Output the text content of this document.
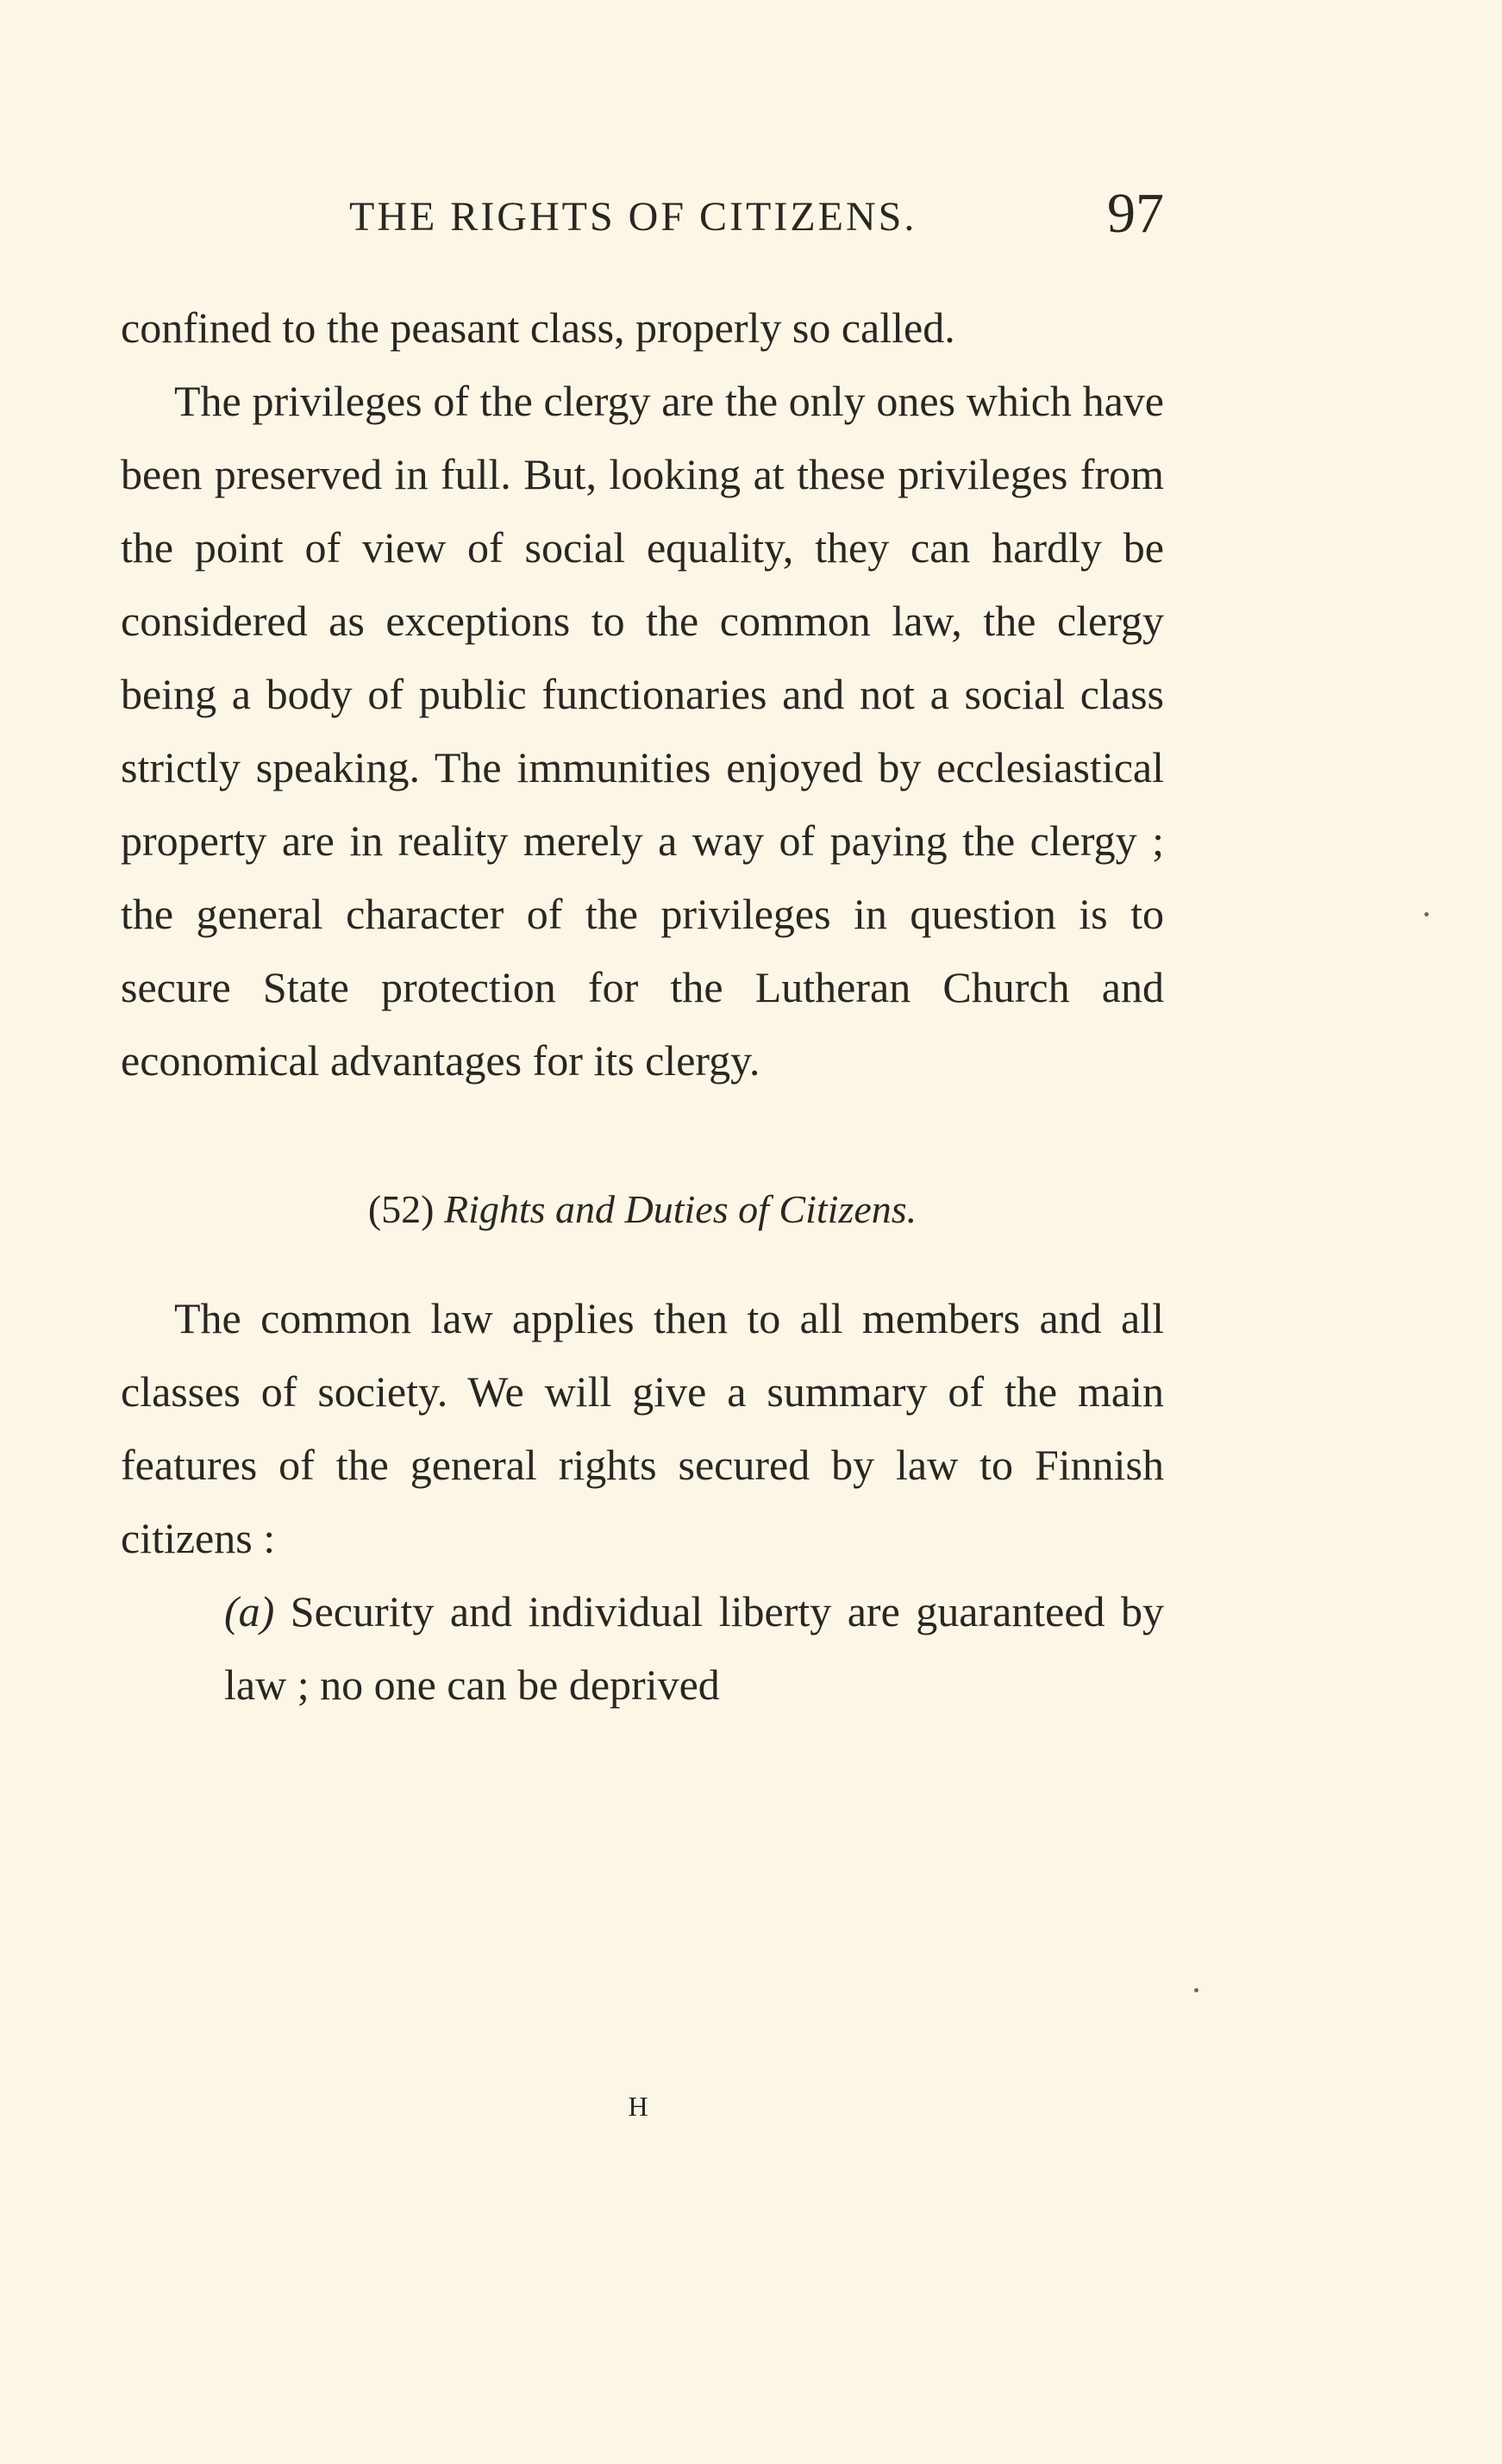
THE RIGHTS OF CITIZENS.	97

confined to the peasant class, properly so called.

The privileges of the clergy are the only ones which have been preserved in full. But, looking at these privileges from the point of view of social equality, they can hardly be considered as exceptions to the common law, the clergy being a body of public functionaries and not a social class strictly speaking. The immunities enjoyed by ecclesiastical property are in reality merely a way of paying the clergy ; the general character of the privileges in question is to secure State protection for the Lutheran Church and economical advantages for its clergy.

(52) Rights and Duties of Citizens.

The common law applies then to all members and all classes of society. We will give a summary of the main features of the general rights secured by law to Finnish citizens :

(a) Security and individual liberty are guaranteed by law ; no one can be deprived

H
